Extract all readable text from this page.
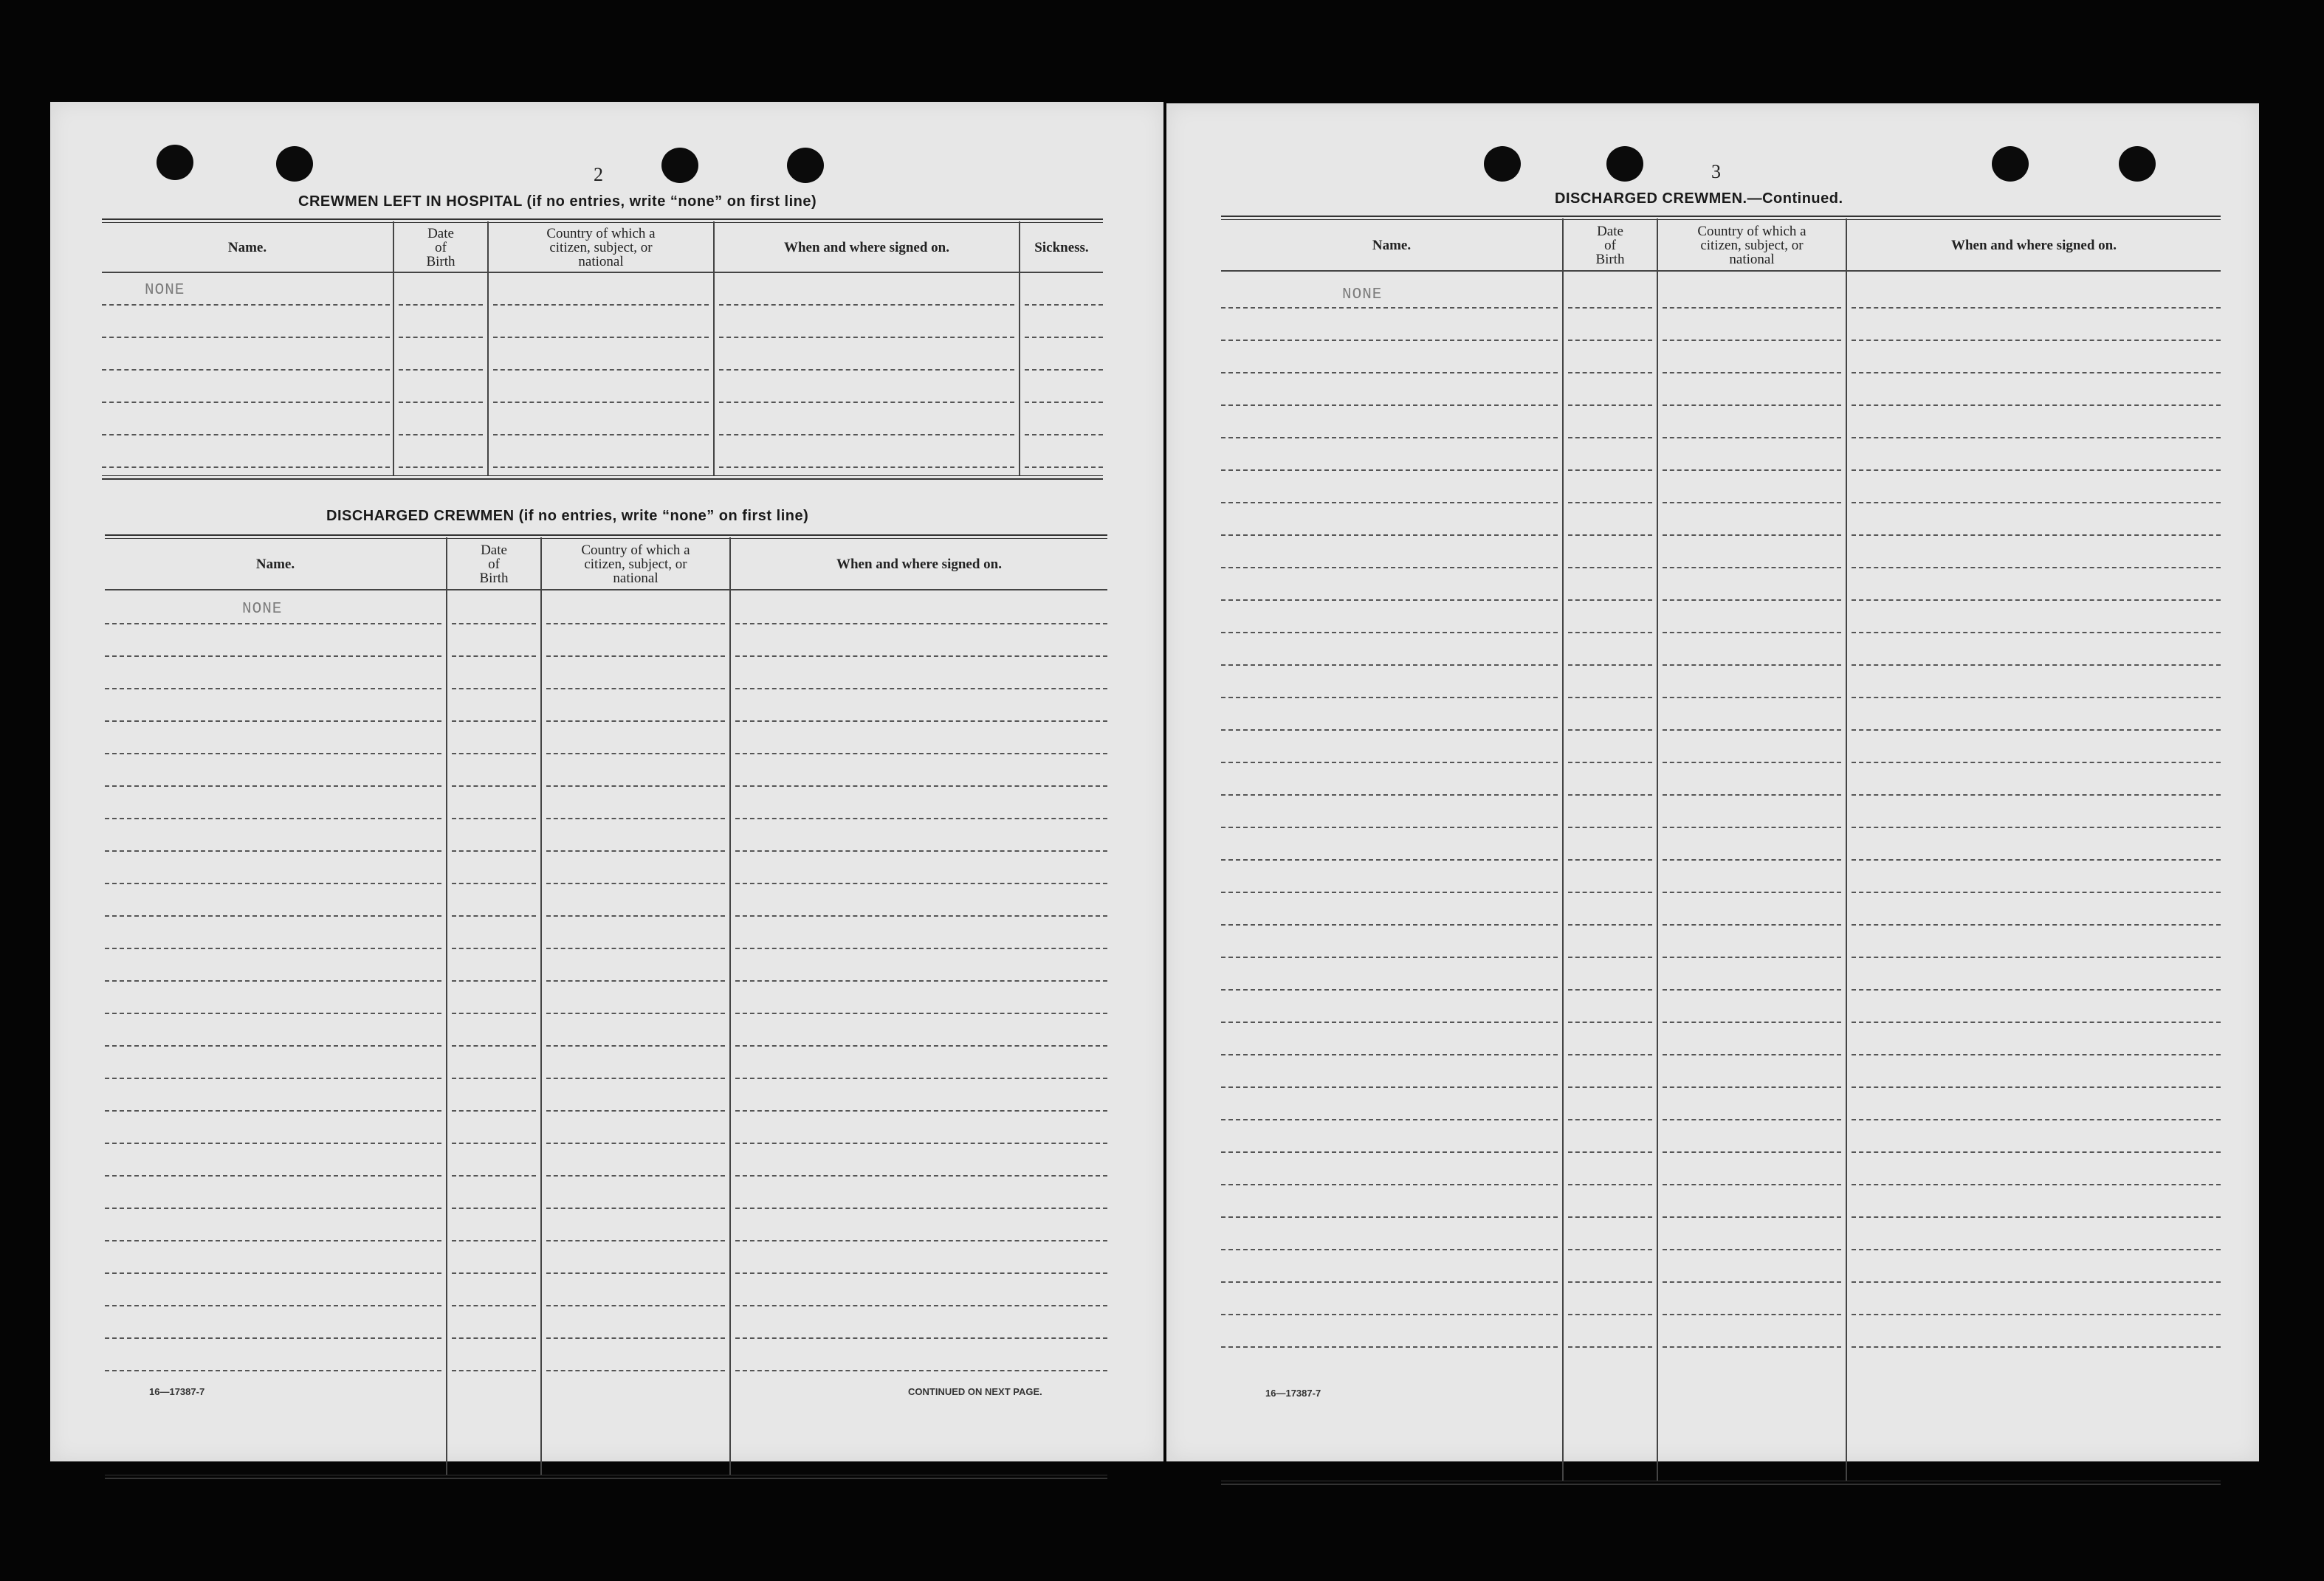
2
CREWMEN LEFT IN HOSPITAL (if no entries, write “none” on first line)
Name.
Date
of
Birth
Country of which a
citizen, subject, or
national
When and where signed on.	Sickness.
NONE
DISCHARGED CREWMEN (if no entries, write “none” on first line)
Name.
Date
of
Birth
Country of which a
citizen, subject, or
national
When and where signed on.
NONE
16—17387-7	CONTINUED ON NEXT PAGE.
3
DISCHARGED CREWMEN.—Continued.
Name.
Date
of
Birth
Country of which a
citizen, subject, or
national
When and where signed on.
NONE
16—17387-7
